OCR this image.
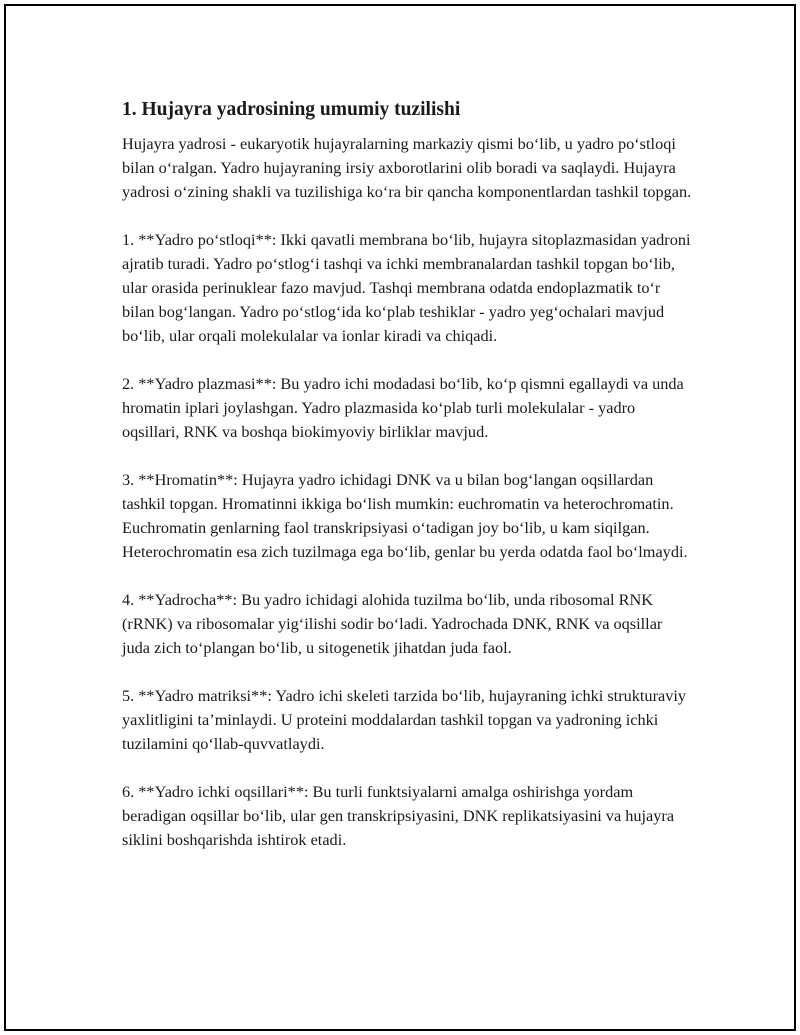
1. Hujayra yadrosining umumiy tuzilishi

Hujayra yadrosi - eukaryotik hujayralarning markaziy qismi boʻlib, u yadro poʻstloqi bilan oʻralgan. Yadro hujayraning irsiy axborotlarini olib boradi va saqlaydi. Hujayra yadrosi oʻzining shakli va tuzilishiga koʻra bir qancha komponentlardan tashkil topgan.

1. **Yadro poʻstloqi**: Ikki qavatli membrana boʻlib, hujayra sitoplazmasidan yadroni ajratib turadi. Yadro poʻstlogʻi tashqi va ichki membranalardan tashkil topgan boʻlib, ular orasida perinuklear fazo mavjud. Tashqi membrana odatda endoplazmatik toʻr bilan bogʻlangan. Yadro poʻstlogʻida koʻplab teshiklar - yadro yegʻochalari mavjud boʻlib, ular orqali molekulalar va ionlar kiradi va chiqadi.

2. **Yadro plazmasi**: Bu yadro ichi modadasi boʻlib, koʻp qismni egallaydi va unda hromatin iplari joylashgan. Yadro plazmasida koʻplab turli molekulalar - yadro oqsillari, RNK va boshqa biokimyoviy birliklar mavjud.

3. **Hromatin**: Hujayra yadro ichidagi DNK va u bilan bogʻlangan oqsillardan tashkil topgan. Hromatinni ikkiga boʻlish mumkin: euchromatin va heterochromatin. Euchromatin genlarning faol transkripsiyasi oʻtadigan joy boʻlib, u kam siqilgan. Heterochromatin esa zich tuzilmaga ega boʻlib, genlar bu yerda odatda faol boʻlmaydi.

4. **Yadrocha**: Bu yadro ichidagi alohida tuzilma boʻlib, unda ribosomal RNK (rRNK) va ribosomalar yigʻilishi sodir boʻladi. Yadrochada DNK, RNK va oqsillar juda zich toʻplangan boʻlib, u sitogenetik jihatdan juda faol.

5. **Yadro matriksi**: Yadro ichi skeleti tarzida boʻlib, hujayraning ichki strukturaviy yaxlitligini taʼminlaydi. U proteini moddalardan tashkil topgan va yadroning ichki tuzilamini qoʻllab-quvvatlaydi.

6. **Yadro ichki oqsillari**: Bu turli funktsiyalarni amalga oshirishga yordam beradigan oqsillar boʻlib, ular gen transkripsiyasini, DNK replikatsiyasini va hujayra siklini boshqarishda ishtirok etadi.
